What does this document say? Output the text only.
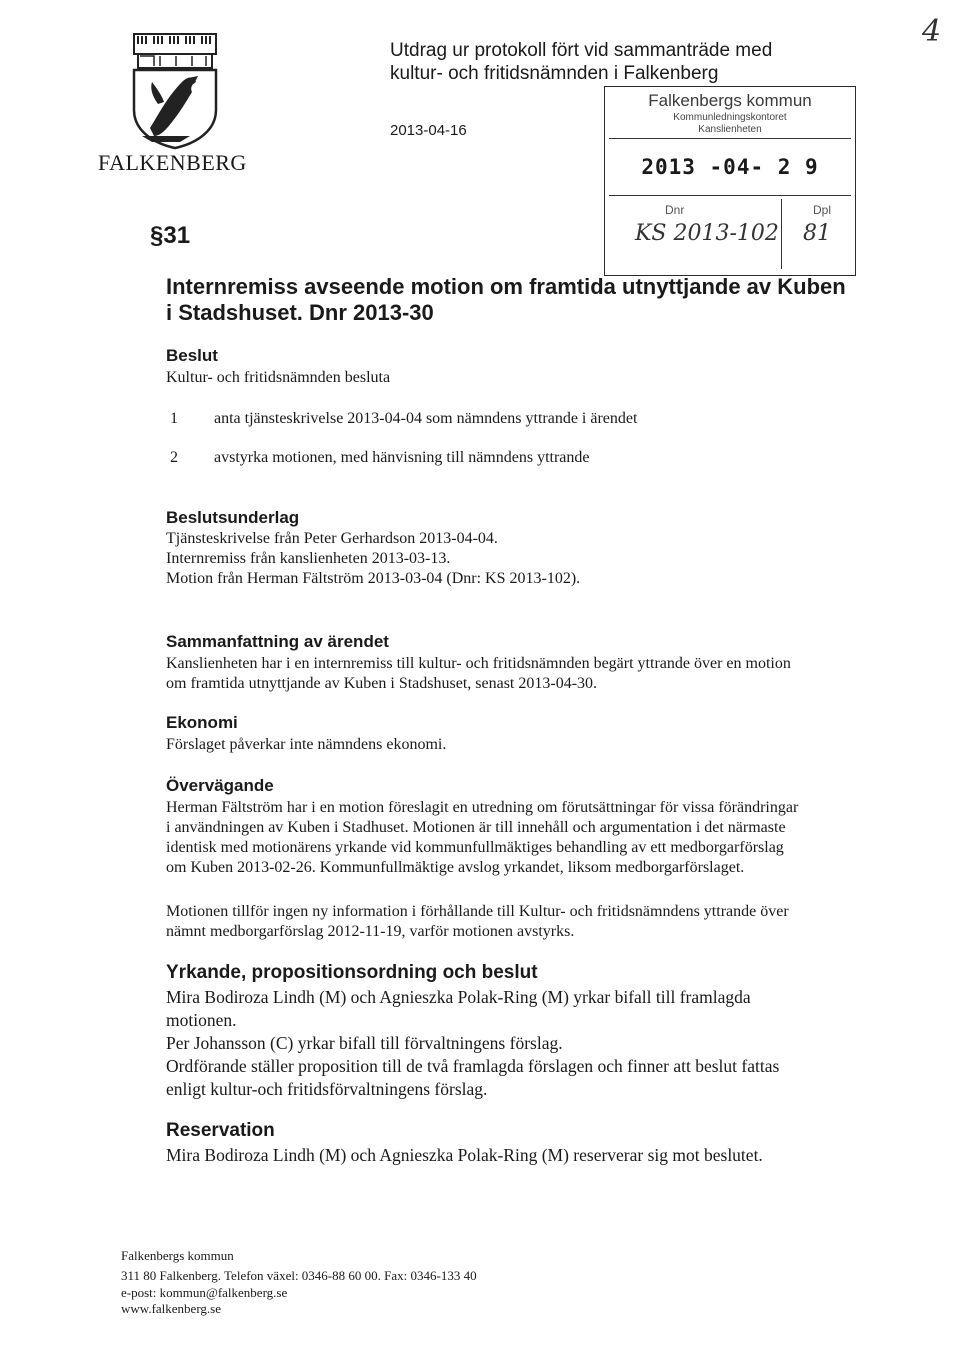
FALKENBERG
Utdrag ur protokoll fört vid sammanträde med
kultur- och fritidsnämnden i Falkenberg
2013-04-16
4
Falkenbergs kommun
Kommunledningskontoret
Kanslienheten
2013 -04- 2 9
Dnr	Dpl
KS 2013-102 81
§31
Internremiss avseende motion om framtida utnyttjande av Kuben
i Stadshuset. Dnr 2013-30
Beslut
Kultur- och fritidsnämnden besluta
1 anta tjänsteskrivelse 2013-04-04 som nämndens yttrande i ärendet
2 avstyrka motionen, med hänvisning till nämndens yttrande
Beslutsunderlag
Tjänsteskrivelse från Peter Gerhardson 2013-04-04.
Internremiss från kanslienheten 2013-03-13.
Motion från Herman Fältström 2013-03-04 (Dnr: KS 2013-102).
Sammanfattning av ärendet
Kanslienheten har i en internremiss till kultur- och fritidsnämnden begärt yttrande över en motion
om framtida utnyttjande av Kuben i Stadshuset, senast 2013-04-30.
Ekonomi
Förslaget påverkar inte nämndens ekonomi.
Övervägande
Herman Fältström har i en motion föreslagit en utredning om förutsättningar för vissa förändringar
i användningen av Kuben i Stadhuset. Motionen är till innehåll och argumentation i det närmaste
identisk med motionärens yrkande vid kommunfullmäktiges behandling av ett medborgarförslag
om Kuben 2013-02-26. Kommunfullmäktige avslog yrkandet, liksom medborgarförslaget.
Motionen tillför ingen ny information i förhållande till Kultur- och fritidsnämndens yttrande över
nämnt medborgarförslag 2012-11-19, varför motionen avstyrks.
Yrkande, propositionsordning och beslut
Mira Bodiroza Lindh (M) och Agnieszka Polak-Ring (M) yrkar bifall till framlagda
motionen.
Per Johansson (C) yrkar bifall till förvaltningens förslag.
Ordförande ställer proposition till de två framlagda förslagen och finner att beslut fattas
enligt kultur-och fritidsförvaltningens förslag.
Reservation
Mira Bodiroza Lindh (M) och Agnieszka Polak-Ring (M) reserverar sig mot beslutet.
Falkenbergs kommun
311 80 Falkenberg. Telefon växel: 0346-88 60 00. Fax: 0346-133 40
e-post: kommun@falkenberg.se
www.falkenberg.se
